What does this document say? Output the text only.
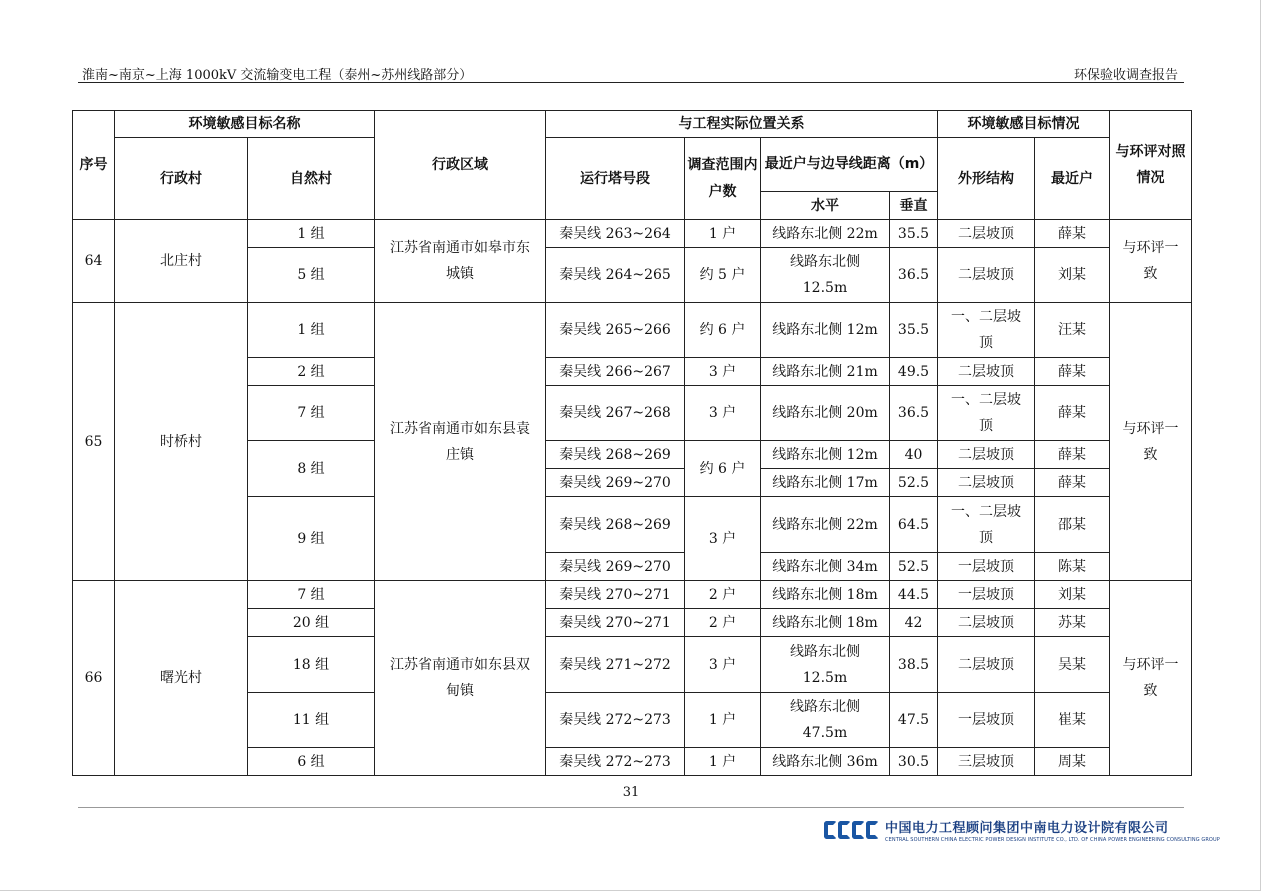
淮南~南京~上海 1000kV 交流输变电工程（泰州~苏州线路部分）	环保验收调查报告
序号	环境敏感目标名称		行政区域	与工程实际位置关系				环境敏感目标情况		与环评对照情况
	行政村	自然村		运行塔号段	调查范围内户数	最近户与边导线距离（m）		外形结构	最近户	

						水平	垂直			
64	北庄村	1 组	江苏省南通市如皋市东城镇	秦吴线 263~264	1 户	线路东北侧 22m	35.5	二层坡顶	薛某	与环评一致
		5 组		秦吴线 264~265	约 5 户	线路东北侧 12.5m	36.5	二层坡顶	刘某	
65	时桥村	1 组	江苏省南通市如东县袁庄镇	秦吴线 265~266	约 6 户	线路东北侧 12m	35.5	一、二层坡顶	汪某	与环评一致
		2 组		秦吴线 266~267	3 户	线路东北侧 21m	49.5	二层坡顶	薛某	
		7 组		秦吴线 267~268	3 户	线路东北侧 20m	36.5	一、二层坡顶	薛某	
		8 组		秦吴线 268~269	约 6 户	线路东北侧 12m	40	二层坡顶	薛某	
				秦吴线 269~270		线路东北侧 17m	52.5	二层坡顶	薛某	
		9 组		秦吴线 268~269	3 户	线路东北侧 22m	64.5	一、二层坡顶	邵某	
				秦吴线 269~270		线路东北侧 34m	52.5	一层坡顶	陈某	
66	曙光村	7 组	江苏省南通市如东县双甸镇	秦吴线 270~271	2 户	线路东北侧 18m	44.5	一层坡顶	刘某	与环评一致
		20 组		秦吴线 270~271	2 户	线路东北侧 18m	42	二层坡顶	苏某	
		18 组		秦吴线 271~272	3 户	线路东北侧 12.5m	38.5	二层坡顶	吴某	
		11 组		秦吴线 272~273	1 户	线路东北侧 47.5m	47.5	一层坡顶	崔某	
		6 组		秦吴线 272~273	1 户	线路东北侧 36m	30.5	三层坡顶	周某	
31
中国电力工程顾问集团中南电力设计院有限公司
CENTRAL SOUTHERN CHINA ELECTRIC POWER DESIGN INSTITUTE CO., LTD. OF CHINA POWER ENGINEERING CONSULTING GROUP
